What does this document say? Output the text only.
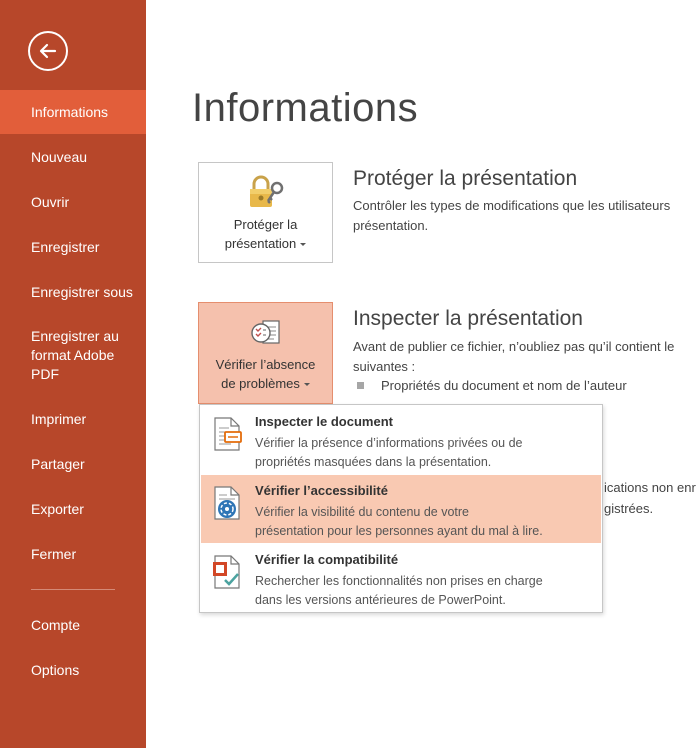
Informations
Nouveau
Ouvrir
Enregistrer
Enregistrer sous
Enregistrer au format Adobe PDF
Imprimer
Partager
Exporter
Fermer
Compte
Options
Informations
Protéger la
présentation
Protéger la présentation
Contrôler les types de modifications que les utilisateurs
présentation.
Vérifier l’absence
de problèmes
Inspecter la présentation
Avant de publier ce fichier, n’oubliez pas qu’il contient le
suivantes :
Propriétés du document et nom de l’auteur
ications non enr
gistrées.
Inspecter le document
Vérifier la présence d’informations privées ou de
propriétés masquées dans la présentation.
Vérifier l’accessibilité
Vérifier la visibilité du contenu de votre
présentation pour les personnes ayant du mal à lire.
Vérifier la compatibilité
Rechercher les fonctionnalités non prises en charge
dans les versions antérieures de PowerPoint.
